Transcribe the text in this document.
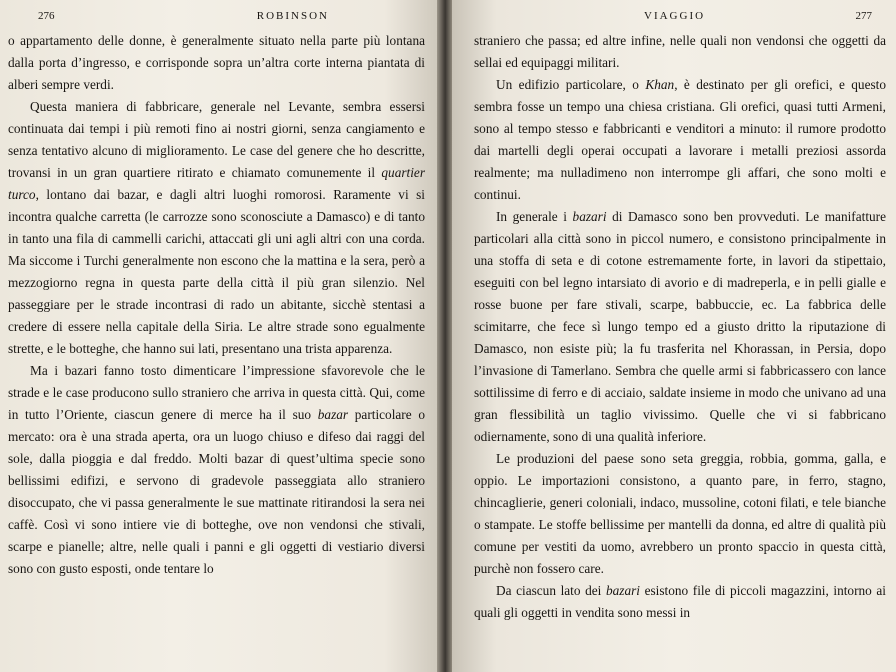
276	ROBINSON

o appartamento delle donne, è generalmente situato nella parte più lontana dalla porta d’ingresso, e corrisponde sopra un’altra corte interna piantata di alberi sempre verdi.

Questa maniera di fabbricare, generale nel Levante, sembra essersi continuata dai tempi i più remoti fino ai nostri giorni, senza cangiamento e senza tentativo alcuno di miglioramento. Le case del genere che ho descritte, trovansi in un gran quartiere ritirato e chiamato comunemente il quartier turco, lontano dai bazar, e dagli altri luoghi romorosi. Raramente vi si incontra qualche carretta (le carrozze sono sconosciute a Damasco) e di tanto in tanto una fila di cammelli carichi, attaccati gli uni agli altri con una corda. Ma siccome i Turchi generalmente non escono che la mattina e la sera, però a mezzogiorno regna in questa parte della città il più gran silenzio. Nel passeggiare per le strade incontrasi di rado un abitante, sicchè stentasi a credere di essere nella capitale della Siria. Le altre strade sono egualmente strette, e le botteghe, che hanno sui lati, presentano una trista apparenza.

Ma i bazari fanno tosto dimenticare l’impressione sfavorevole che le strade e le case producono sullo straniero che arriva in questa città. Qui, come in tutto l’Oriente, ciascun genere di merce ha il suo bazar particolare o mercato: ora è una strada aperta, ora un luogo chiuso e difeso dai raggi del sole, dalla pioggia e dal freddo. Molti bazar di quest’ultima specie sono bellissimi edifizi, e servono di gradevole passeggiata allo straniero disoccupato, che vi passa generalmente le sue mattinate ritirandosi la sera nei caffè. Così vi sono intiere vie di botteghe, ove non vendonsi che stivali, scarpe e pianelle; altre, nelle quali i panni e gli oggetti di vestiario diversi sono con gusto esposti, onde tentare lo

VIAGGIO	277

straniero che passa; ed altre infine, nelle quali non vendonsi che oggetti da sellai ed equipaggi militari.

Un edifizio particolare, o Khan, è destinato per gli orefici, e questo sembra fosse un tempo una chiesa cristiana. Gli orefici, quasi tutti Armeni, sono al tempo stesso e fabbricanti e venditori a minuto: il rumore prodotto dai martelli degli operai occupati a lavorare i metalli preziosi assorda realmente; ma nulladimeno non interrompe gli affari, che sono molti e continui.

In generale i bazari di Damasco sono ben provveduti. Le manifatture particolari alla città sono in piccol numero, e consistono principalmente in una stoffa di seta e di cotone estremamente forte, in lavori da stipettaio, eseguiti con bel legno intarsiato di avorio e di madreperla, e in pelli gialle e rosse buone per fare stivali, scarpe, babbuccie, ec. La fabbrica delle scimitarre, che fece sì lungo tempo ed a giusto dritto la riputazione di Damasco, non esiste più; la fu trasferita nel Khorassan, in Persia, dopo l’invasione di Tamerlano. Sembra che quelle armi si fabbricassero con lance sottilissime di ferro e di acciaio, saldate insieme in modo che univano ad una gran flessibilità un taglio vivissimo. Quelle che vi si fabbricano odiernamente, sono di una qualità inferiore.

Le produzioni del paese sono seta greggia, robbia, gomma, galla, e oppio. Le importazioni consistono, a quanto pare, in ferro, stagno, chincaglierie, generi coloniali, indaco, mussoline, cotoni filati, e tele bianche o stampate. Le stoffe bellissime per mantelli da donna, ed altre di qualità più comune per vestiti da uomo, avrebbero un pronto spaccio in questa città, purchè non fossero care.

Da ciascun lato dei bazari esistono file di piccoli magazzini, intorno ai quali gli oggetti in vendita sono messi in
